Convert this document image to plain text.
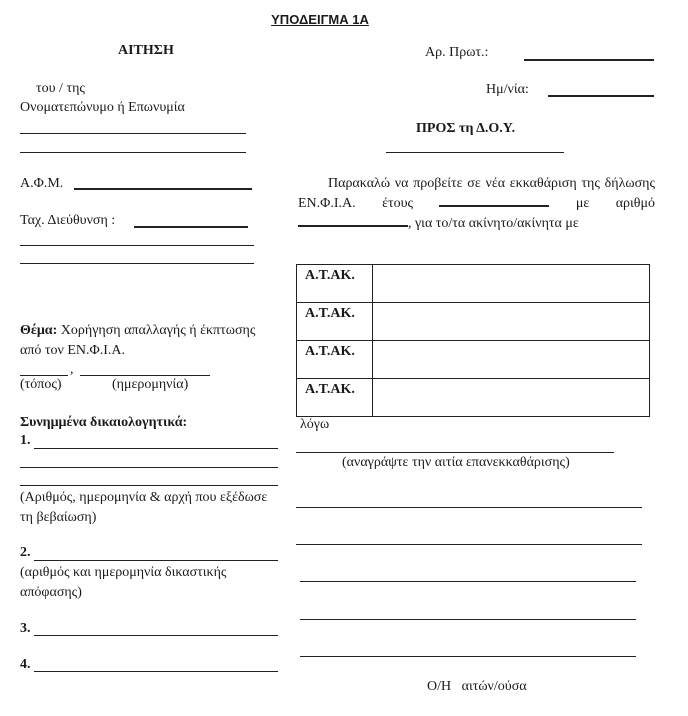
ΥΠΟΔΕΙΓΜΑ 1Α
ΑΙΤΗΣΗ	Αρ. Πρωτ.:
Ημ/νία:
ΠΡΟΣ τη Δ.Ο.Υ.
του / της
Ονοματεπώνυμο ή Επωνυμία
Α.Φ.Μ.
Ταχ. Διεύθυνση :
Θέμα: Χορήγηση απαλλαγής ή έκπτωσης από τον ΕΝ.Φ.Ι.Α.
,
(τόπος)	(ημερομηνία)
Συνημμένα δικαιολογητικά:
1.
(Αριθμός, ημερομηνία & αρχή που εξέδωσε τη βεβαίωση)
2.
(αριθμός και ημερομηνία δικαστικής απόφασης)
3.
4.
Παρακαλώ να προβείτε σε νέα εκκαθάριση της δήλωσης ΕΝ.Φ.Ι.Α. έτους	με αριθμό , για το/τα ακίνητο/ακίνητα με
Α.Τ.ΑΚ.	
Α.Τ.ΑΚ.	
Α.Τ.ΑΚ.	
Α.Τ.ΑΚ.	
λόγω
(αναγράψτε την αιτία επανεκκαθάρισης)
Ο/Η   αιτών/ούσα
